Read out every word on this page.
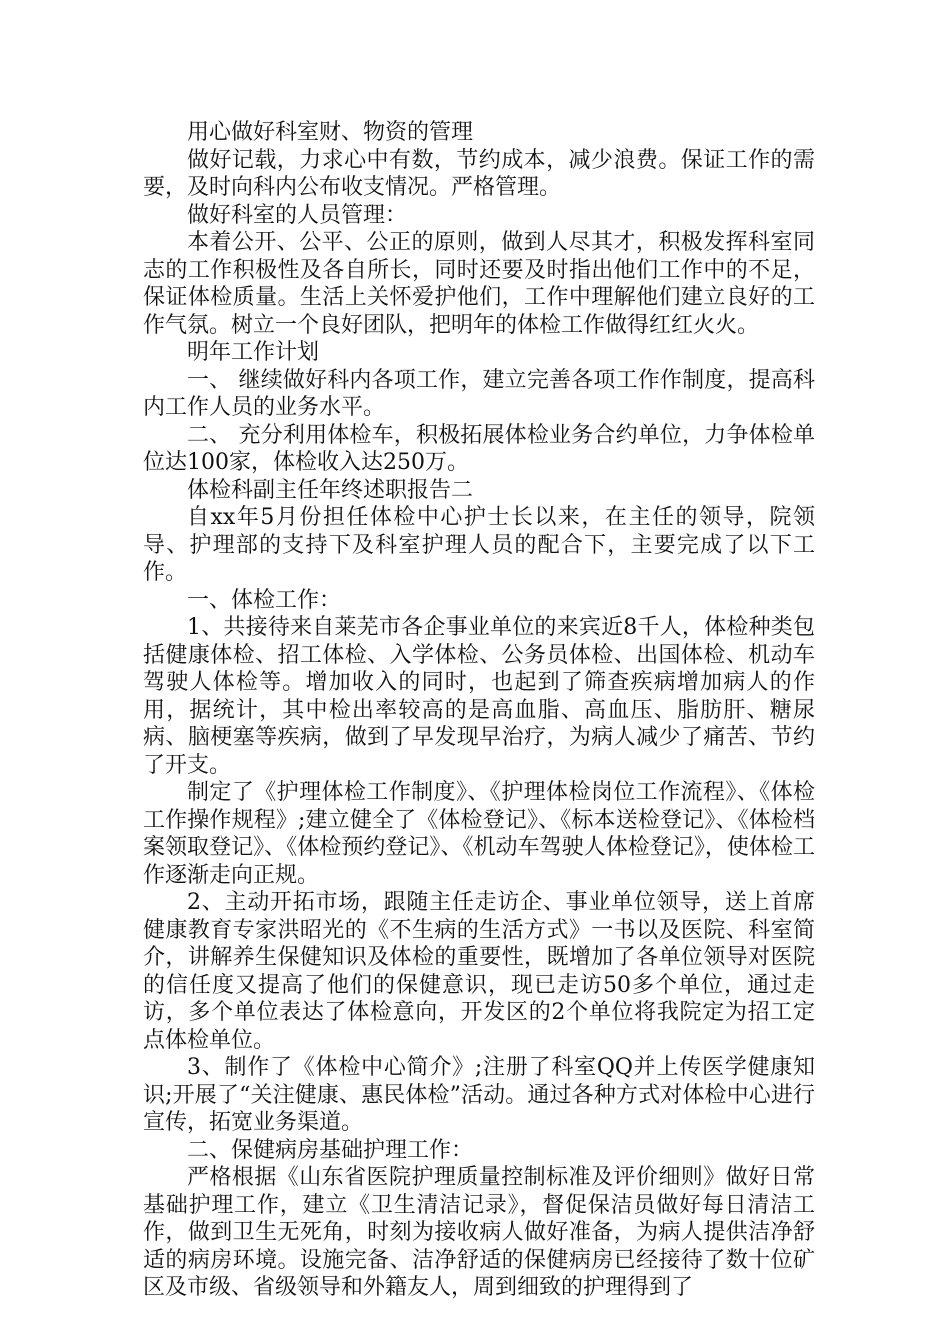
用心做好科室财、物资的管理

做好记载，力求心中有数，节约成本，减少浪费。保证工作的需要，及时向科内公布收支情况。严格管理。

做好科室的人员管理：

本着公开、公平、公正的原则，做到人尽其才，积极发挥科室同志的工作积极性及各自所长，同时还要及时指出他们工作中的不足，保证体检质量。生活上关怀爱护他们，工作中理解他们建立良好的工作气氛。树立一个良好团队，把明年的体检工作做得红红火火。

明年工作计划

一、 继续做好科内各项工作，建立完善各项工作作制度，提高科内工作人员的业务水平。

二、 充分利用体检车，积极拓展体检业务合约单位，力争体检单位达100家，体检收入达250万。

体检科副主任年终述职报告二

自xx年5月份担任体检中心护士长以来，在主任的领导，院领导、护理部的支持下及科室护理人员的配合下，主要完成了以下工作。

一、体检工作：

1、共接待来自莱芜市各企事业单位的来宾近8千人，体检种类包括健康体检、招工体检、入学体检、公务员体检、出国体检、机动车驾驶人体检等。增加收入的同时，也起到了筛查疾病增加病人的作用，据统计，其中检出率较高的是高血脂、高血压、脂肪肝、糖尿病、脑梗塞等疾病，做到了早发现早治疗，为病人减少了痛苦、节约了开支。

制定了《护理体检工作制度》、《护理体检岗位工作流程》、《体检工作操作规程》;建立健全了《体检登记》、《标本送检登记》、《体检档案领取登记》、《体检预约登记》、《机动车驾驶人体检登记》，使体检工作逐渐走向正规。

2、主动开拓市场，跟随主任走访企、事业单位领导，送上首席健康教育专家洪昭光的《不生病的生活方式》一书以及医院、科室简介，讲解养生保健知识及体检的重要性，既增加了各单位领导对医院的信任度又提高了他们的保健意识，现已走访50多个单位，通过走访，多个单位表达了体检意向，开发区的2个单位将我院定为招工定点体检单位。

3、制作了《体检中心简介》;注册了科室QQ并上传医学健康知识;开展了“关注健康、惠民体检”活动。通过各种方式对体检中心进行宣传，拓宽业务渠道。

二、保健病房基础护理工作：

严格根据《山东省医院护理质量控制标准及评价细则》做好日常基础护理工作，建立《卫生清洁记录》，督促保洁员做好每日清洁工作，做到卫生无死角，时刻为接收病人做好准备，为病人提供洁净舒适的病房环境。设施完备、洁净舒适的保健病房已经接待了数十位矿区及市级、省级领导和外籍友人，周到细致的护理得到了
